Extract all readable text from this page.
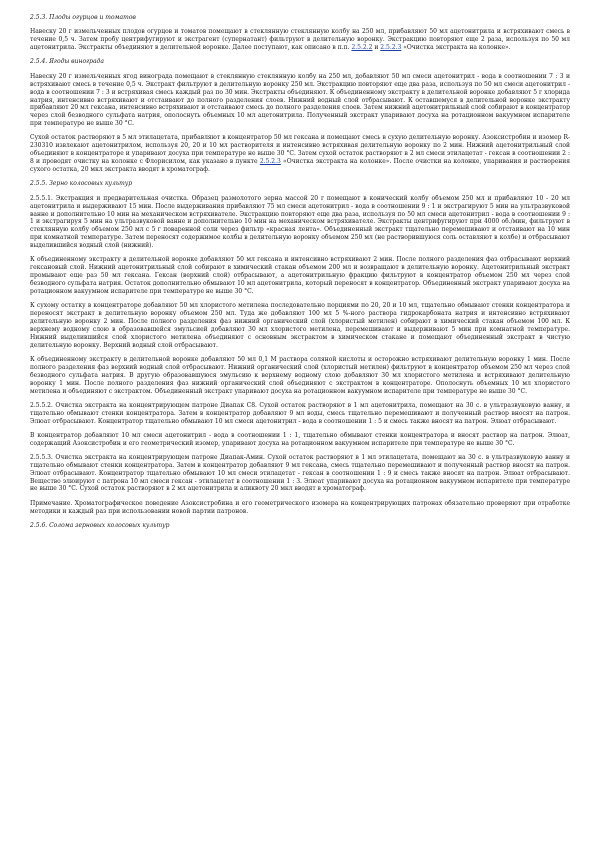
2.5.3. Плоды огурцов и томатов

Навеску 20 г измельченных плодов огурцов и томатов помещают в стеклянную стеклянную колбу на 250 мл, прибавляют 50 мл ацетонитрила и встряхивают смесь в течение 0,5 ч. Затем пробу центрифугируют и экстрагент (супернатант) фильтруют в делительную воронку. Экстракцию повторяют еще 2 раза, используя по 50 мл ацетонитрила. Экстракты объединяют в делительной воронке. Далее поступают, как описано в п.п. 2.5.2.2 и 2.5.2.3 «Очистка экстракта на колонке».

2.5.4. Ягоды винограда

Навеску 20 г измельченных ягод винограда помещают в стеклянную стеклянную колбу на 250 мл, добавляют 50 мл смеси ацетонитрил - вода в соотношении 7 : 3 и встряхивают смесь в течение 0,5 ч. Экстракт фильтруют в делительную воронку 250 мл. Экстракцию повторяют еще два раза, используя по 50 мл смеси ацетонитрил - вода в соотношении 7 : 3 и встряхивая смесь каждый раз по 30 мин. Экстракты объединяют. К объединенному экстракту в делительной воронке добавляют 5 г хлорида натрия, интенсивно встряхивают и отстаивают до полного разделения слоев. Нижний водный слой отбрасывают. К оставшемуся в делительной воронке экстракту прибавляют 20 мл гексана, интенсивно встряхивают и отстаивают смесь до полного разделения слоев. Затем нижний ацетонитрильный слой собирают в концентратор через слой безводного сульфата натрия, ополоснуть объемных 10 мл ацетонитрила. Полученный экстракт упаривают досуха на ротационном вакуумном испарителе при температуре не выше 30 °С.

Сухой остаток растворяют в 5 мл этилацетата, прибавляют в концентратор 50 мл гексана и помещают смесь в сухую делительную воронку. Азоксистробин и изомер R-230310 извлекают ацетонитрилом, используя 20, 20 и 10 мл растворителя и интенсивно встряхивая делительную воронку по 2 мин. Нижний ацетонитрильный слой объединяют в концентраторе и упаривают досуха при температуре не выше 30 °С. Затем сухой остаток растворяют в 2 мл смеси этилацетат - гексан в соотношении 2 : 8 и проводят очистку на колонке с Флорисилом, как указано в пункте 2.5.2.3 «Очистка экстракта на колонке». После очистки на колонке, упаривания и растворения сухого остатка, 20 мкл экстракта вводят в хроматограф.

2.5.5. Зерно колосовых культур

2.5.5.1. Экстракция и предварительная очистка. Образец размолотого зерна массой 20 г помещают в конический колбу объемом 250 мл и прибавляют 10 - 20 мл ацетонитрила и выдерживают 15 мин. После выдерживания прибавляют 75 мл смеси ацетонитрил - вода в соотношении 9 : 1 и экстрагируют 5 мин на ультразвуковой ванне и дополнительно 10 мин на механическом встряхивателе. Экстракцию повторяют еще два раза, используя по 50 мл смеси ацетонитрил - вода в соотношении 9 : 1 и экстрагируя 5 мин на ультразвуковой ванне и дополнительно 10 мин на механическом встряхивателе. Экстракты центрифугируют при 4000 об./мин, фильтруют в стеклянную колбу объемом 250 мл с 5 г поваренной соли через фильтр «красная лента». Объединенный экстракт тщательно перемешивают и отстаивают на 10 мин при комнатной температуре. Затем переносят содержимое колбы в делительную воронку объемом 250 мл (не растворившуюся соль оставляют в колбе) и отбрасывают выделившийся водный слой (нижний).

К объединенному экстракту в делительной воронке добавляют 50 мл гексана и интенсивно встряхивают 2 мин. После полного разделения фаз отбрасывают верхний гексановый слой. Нижний ацетонитрильный слой собирают в химический стакан объемом 200 мл и возвращают в делительную воронку. Ацетонитрильный экстракт промывают еще раз 50 мл гексана. Гексан (верхний слой) отбрасывают, а ацетонитрильную фракцию фильтруют в концентратор объемом 250 мл через слой безводного сульфата натрия. Остаток дополнительно обмывают 10 мл ацетонитрила, который переносят в концентратор. Объединенный экстракт упаривают досуха на ротационном вакуумном испарителе при температуре не выше 30 °С.

К сухому остатку в концентраторе добавляют 50 мл хлористого метилена последовательно порциями по 20, 20 и 10 мл, тщательно обмывают стенки концентратора и переносят экстракт в делительную воронку объемом 250 мл. Туда же добавляют 100 мл 5 %-ного раствора гидрокарбоната натрия и интенсивно встряхивают делительную воронку 2 мин. После полного разделения фаз нижний органический слой (хлористый метилен) собирают в химический стакан объемом 100 мл. К верхнему водному слою в образовавшейся эмульсией добавляют 30 мл хлористого метилена, перемешивают и выдерживают 5 мин при комнатной температуре. Нижний выделившийся слой хлористого метилена объединяют с основным экстрактом в химическом стакане и помещают объединенный экстракт в чистую делительную воронку. Верхний водный слой отбрасывают.

К объединенному экстракту в делительной воронке добавляют 50 мл 0,1 М раствора соляной кислоты и осторожно встряхивают делительную воронку 1 мин. После полного разделения фаз верхний водный слой отбрасывают. Нижний органический слой (хлористый метилен) фильтруют в концентратор объемом 250 мл через слой безводного сульфата натрия. В другую образовавшуюся эмульсию к верхнему водному слою добавляют 30 мл хлористого метилена и встряхивают делительную воронку 1 мин. После полного разделения фаз нижний органический слой объединяют с экстрактом в концентраторе. Ополоснуть объемных 10 мл хлористого метилена и объединяют с экстрактом. Объединенный экстракт упаривают досуха на ротационном вакуумном испарителе при температуре не выше 30 °С.

2.5.5.2. Очистка экстракта на концентрирующем патроне Диапак С8. Сухой остаток растворяют в 1 мл ацетонитрила, помещают на 30 с. в ультразвуковую ванну, и тщательно обмывают стенки концентратора. Затем в концентратор добавляют 9 мл воды, смесь тщательно перемешивают и полученный раствор вносят на патрон. Элюат отбрасывают. Концентратор тщательно обмывают 10 мл смеси ацетонитрил - вода в соотношении 1 : 5 и смесь также вносят на патрон. Элюат отбрасывают.

В концентратор добавляют 10 мл смеси ацетонитрил - вода в соотношении 1 : 1, тщательно обмывают стенки концентратора и вносят раствор на патрон. Элюат, содержащий Азоксистробин и его геометрический изомер, упаривают досуха на ротационном вакуумном испарителе при температуре не выше 30 °С.

2.5.5.3. Очистка экстракта на концентрирующем патроне Диапак-Амин. Сухой остаток растворяют в 1 мл этилацетата, помещают на 30 с. в ультразвуковую ванну и тщательно обмывают стенки концентратора. Затем в концентратор добавляют 9 мл гексана, смесь тщательно перемешивают и полученный раствор вносят на патрон. Элюат отбрасывают. Концентратор тщательно обмывают 10 мл смеси этилацетат - гексан в соотношении 1 : 9 и смесь также вносят на патрон. Элюат отбрасывают. Вещество элюируют с патрона 10 мл смеси гексан - этилацетат в соотношении 1 : 3. Элюат упаривают досуха на ротационном вакуумном испарителе при температуре не выше 30 °С. Сухой остаток растворяют в 2 мл ацетонитрила и аликвоту 20 мкл вводят в хроматограф.

Примечание. Хроматографическое поведение Азоксистробина и его геометрического изомера на концентрирующих патронах обязательно проверяют при отработке методики и каждый раз при использовании новой партии патронов.

2.5.6. Солома зерновых колосовых культур
